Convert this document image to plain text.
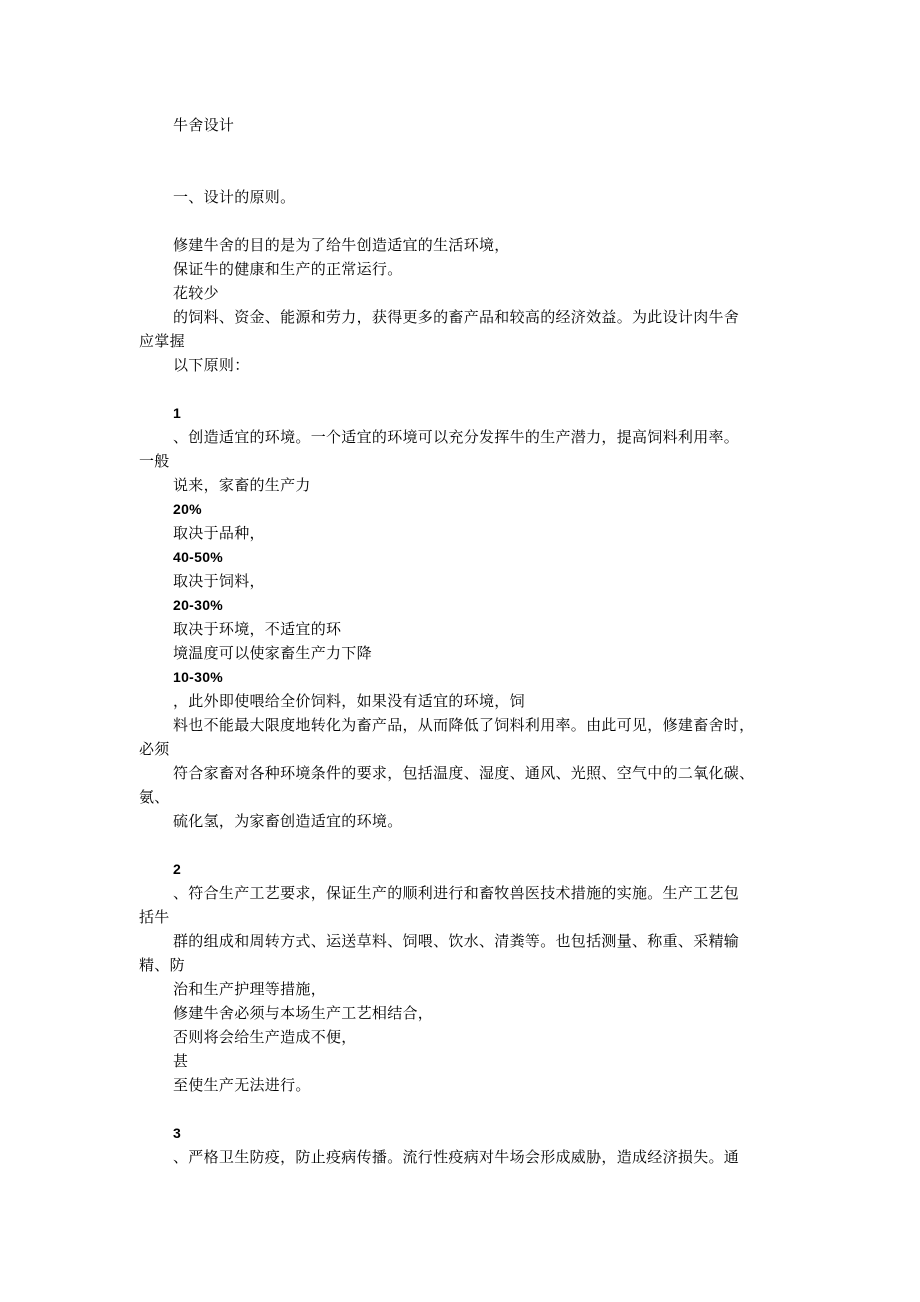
牛舍设计
一、设计的原则。
修建牛舍的目的是为了给牛创造适宜的生活环境，
保证牛的健康和生产的正常运行。
花较少
的饲料、资金、能源和劳力，获得更多的畜产品和较高的经济效益。为此设计肉牛舍
应掌握
以下原则：
1
、创造适宜的环境。一个适宜的环境可以充分发挥牛的生产潜力，提高饲料利用率。
一般
说来，家畜的生产力
20%
取决于品种，
40-50%
取决于饲料，
20-30%
取决于环境，不适宜的环
境温度可以使家畜生产力下降
10-30%
，此外即使喂给全价饲料，如果没有适宜的环境，饲
料也不能最大限度地转化为畜产品，从而降低了饲料利用率。由此可见，修建畜舍时，
必须
符合家畜对各种环境条件的要求，包括温度、湿度、通风、光照、空气中的二氧化碳、
氨、
硫化氢，为家畜创造适宜的环境。
2
、符合生产工艺要求，保证生产的顺利进行和畜牧兽医技术措施的实施。生产工艺包
括牛
群的组成和周转方式、运送草料、饲喂、饮水、清粪等。也包括测量、称重、采精输
精、防
治和生产护理等措施，
修建牛舍必须与本场生产工艺相结合，
否则将会给生产造成不便，
甚
至使生产无法进行。
3
、严格卫生防疫，防止疫病传播。流行性疫病对牛场会形成威胁，造成经济损失。通
